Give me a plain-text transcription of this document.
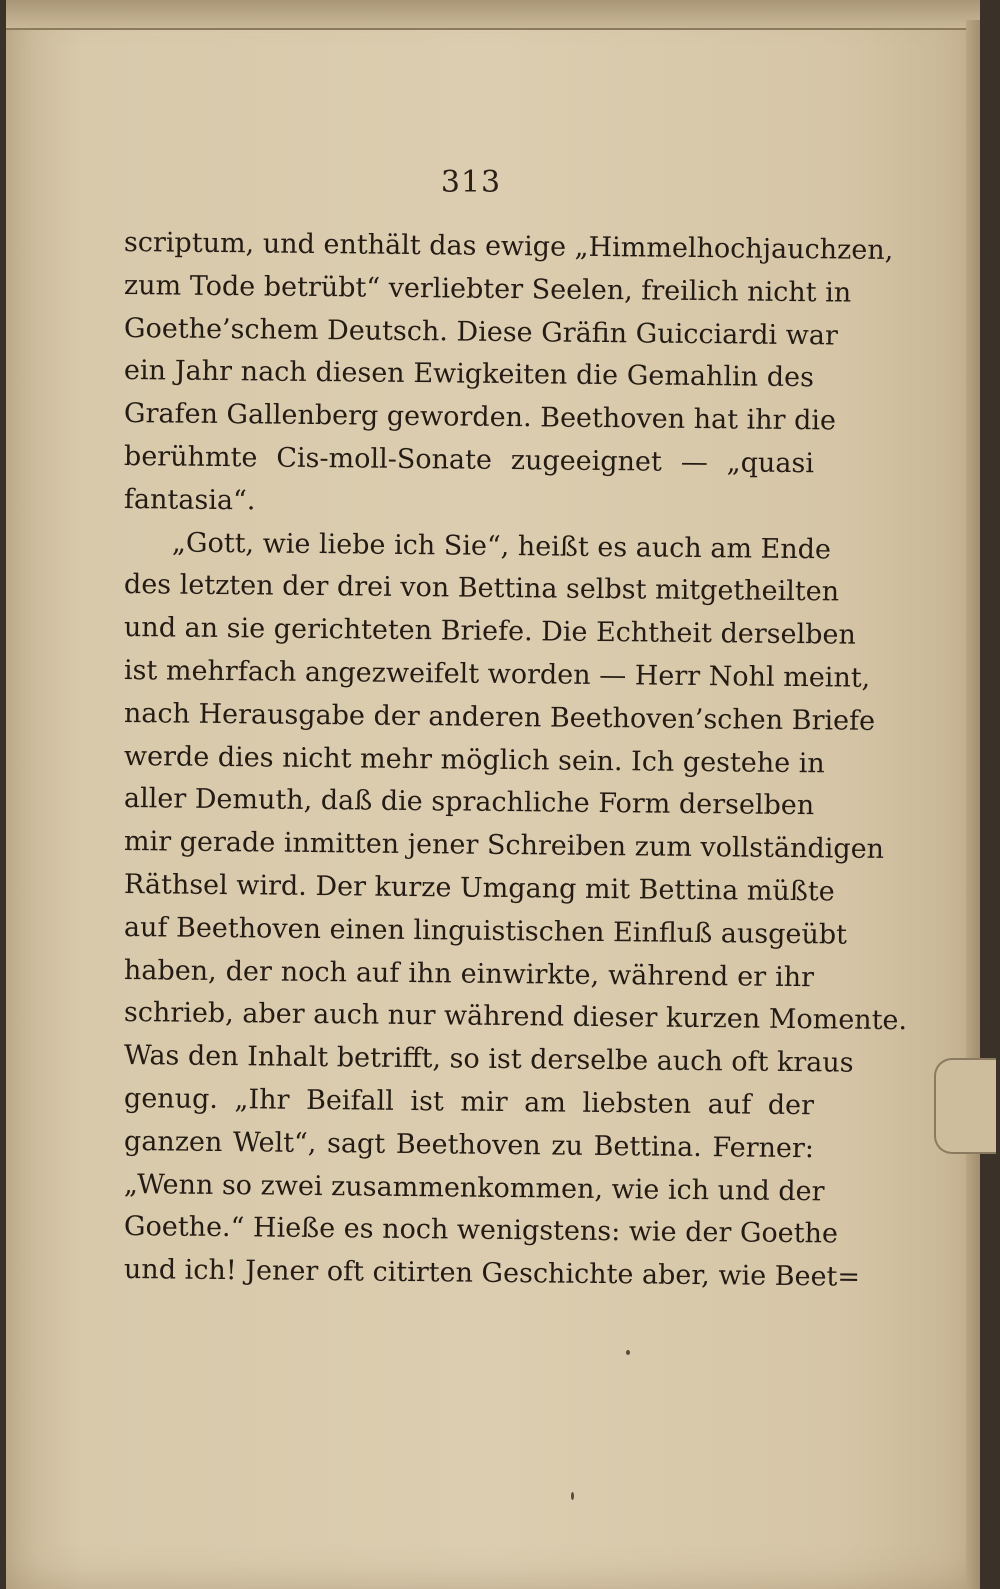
313
scriptum, und enthält das ewige „Himmelhochjauchzen,
zum Tode betrübt“ verliebter Seelen, freilich nicht in
Goethe’schem Deutsch. Diese Gräfin Guicciardi war
ein Jahr nach diesen Ewigkeiten die Gemahlin des
Grafen Gallenberg geworden. Beethoven hat ihr die
berühmte Cis-moll-Sonate zugeeignet — „quasi
fantasia“.
„Gott, wie liebe ich Sie“, heißt es auch am Ende
des letzten der drei von Bettina selbst mitgetheilten
und an sie gerichteten Briefe. Die Echtheit derselben
ist mehrfach angezweifelt worden — Herr Nohl meint,
nach Herausgabe der anderen Beethoven’schen Briefe
werde dies nicht mehr möglich sein. Ich gestehe in
aller Demuth, daß die sprachliche Form derselben
mir gerade inmitten jener Schreiben zum vollständigen
Räthsel wird. Der kurze Umgang mit Bettina müßte
auf Beethoven einen linguistischen Einfluß ausgeübt
haben, der noch auf ihn einwirkte, während er ihr
schrieb, aber auch nur während dieser kurzen Momente.
Was den Inhalt betrifft, so ist derselbe auch oft kraus
genug. „Ihr Beifall ist mir am liebsten auf der
ganzen Welt“, sagt Beethoven zu Bettina. Ferner:
„Wenn so zwei zusammenkommen, wie ich und der
Goethe.“ Hieße es noch wenigstens: wie der Goethe
und ich! Jener oft citirten Geschichte aber, wie Beet=
